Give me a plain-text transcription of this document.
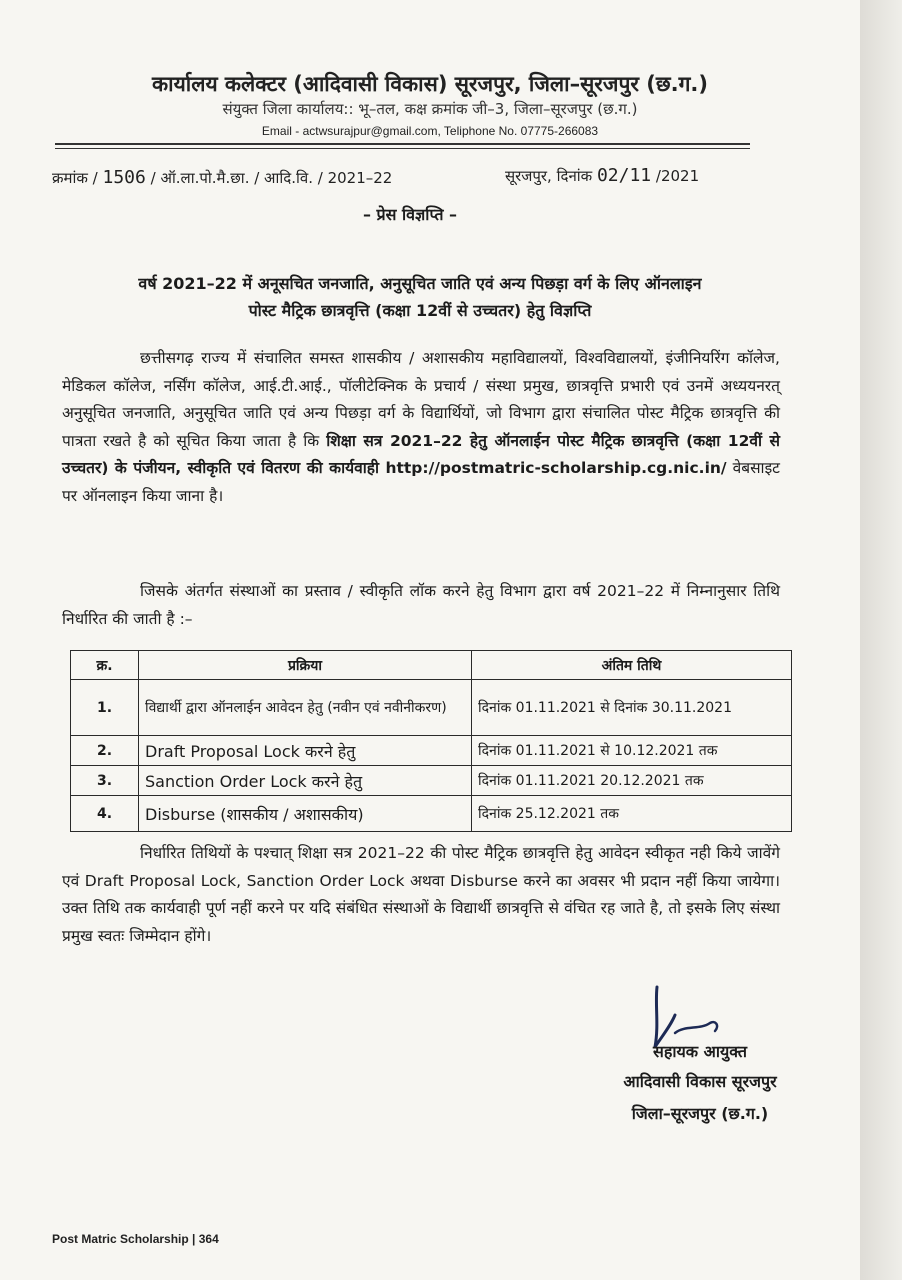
कार्यालय कलेक्टर (आदिवासी विकास) सूरजपुर, जिला–सूरजपुर (छ.ग.)
संयुक्त जिला कार्यालय:: भू–तल, कक्ष क्रमांक जी–3, जिला–सूरजपुर (छ.ग.)
Email - actwsurajpur@gmail.com, Teliphone No. 07775-266083
क्रमांक / 1506 / ऑ.ला.पो.मै.छा. / आदि.वि. / 2021–22	सूरजपुर, दिनांक 02/11 /2021
– प्रेस विज्ञप्ति –
वर्ष 2021–22 में अनूसचित जनजाति, अनुसूचित जाति एवं अन्य पिछड़ा वर्ग के लिए ऑनलाइन
पोस्ट मैट्रिक छात्रवृत्ति (कक्षा 12वीं से उच्चतर) हेतु विज्ञप्ति
छत्तीसगढ़ राज्य में संचालित समस्त शासकीय / अशासकीय महाविद्यालयों, विश्वविद्यालयों, इंजीनियरिंग कॉलेज, मेडिकल कॉलेज, नर्सिंग कॉलेज, आई.टी.आई., पॉलीटेक्निक के प्रचार्य / संस्था प्रमुख, छात्रवृत्ति प्रभारी एवं उनमें अध्ययनरत् अनुसूचित जनजाति, अनुसूचित जाति एवं अन्य पिछड़ा वर्ग के विद्यार्थियों, जो विभाग द्वारा संचालित पोस्ट मैट्रिक छात्रवृत्ति की पात्रता रखते है को सूचित किया जाता है कि शिक्षा सत्र 2021–22 हेतु ऑनलाईन पोस्ट मैट्रिक छात्रवृत्ति (कक्षा 12वीं से उच्चतर) के पंजीयन, स्वीकृति एवं वितरण की कार्यवाही http://postmatric-scholarship.cg.nic.in/ वेबसाइट पर ऑनलाइन किया जाना है।
जिसके अंतर्गत संस्थाओं का प्रस्ताव / स्वीकृति लॉक करने हेतु विभाग द्वारा वर्ष 2021–22 में निम्नानुसार तिथि निर्धारित की जाती है :–
क्र.	प्रक्रिया	अंतिम तिथि
1.	विद्यार्थी द्वारा ऑनलाईन आवेदन हेतु (नवीन एवं नवीनीकरण)	दिनांक 01.11.2021 से दिनांक 30.11.2021
2.	Draft Proposal Lock करने हेतु	दिनांक 01.11.2021 से 10.12.2021 तक
3.	Sanction Order Lock करने हेतु	दिनांक 01.11.2021 20.12.2021 तक
4.	Disburse (शासकीय / अशासकीय)	दिनांक 25.12.2021 तक
निर्धारित तिथियों के पश्चात् शिक्षा सत्र 2021–22 की पोस्ट मैट्रिक छात्रवृत्ति हेतु आवेदन स्वीकृत नही किये जावेंगे एवं Draft Proposal Lock, Sanction Order Lock अथवा Disburse करने का अवसर भी प्रदान नहीं किया जायेगा। उक्त तिथि तक कार्यवाही पूर्ण नहीं करने पर यदि संबंधित संस्थाओं के विद्यार्थी छात्रवृत्ति से वंचित रह जाते है, तो इसके लिए संस्था प्रमुख स्वतः जिम्मेदान होंगे।
सहायक आयुक्त
आदिवासी विकास सूरजपुर
जिला–सूरजपुर (छ.ग.)
Post Matric Scholarship | 364
